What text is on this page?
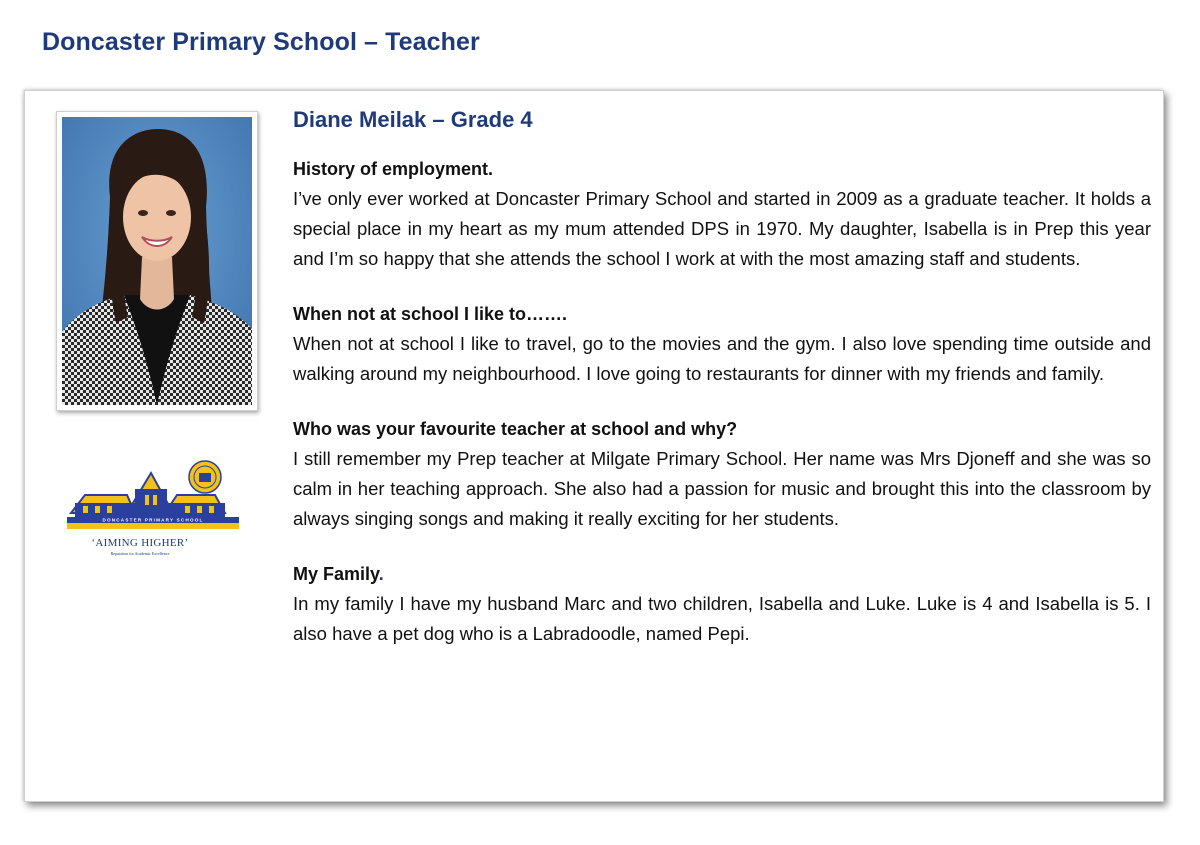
Doncaster Primary School – Teacher
DONCASTER PRIMARY SCHOOL
‘AIMING HIGHER’
Reputation for Academic Excellence
Diane Meilak – Grade 4
History of employment.

I’ve only ever worked at Doncaster Primary School and started in 2009 as a graduate teacher. It holds a special place in my heart as my mum attended DPS in 1970. My daughter, Isabella is in Prep this year and I’m so happy that she attends the school I work at with the most amazing staff and students.

When not at school I like to…….

When not at school I like to travel, go to the movies and the gym. I also love spending time outside and walking around my neighbourhood. I love going to restaurants for dinner with my friends and family.

Who was your favourite teacher at school and why?

I still remember my Prep teacher at Milgate Primary School. Her name was Mrs Djoneff and she was so calm in her teaching approach. She also had a passion for music and brought this into the classroom by always singing songs and making it really exciting for her students.

My Family.

In my family I have my husband Marc and two children, Isabella and Luke. Luke is 4 and Isabella is 5. I also have a pet dog who is a Labradoodle, named Pepi.
